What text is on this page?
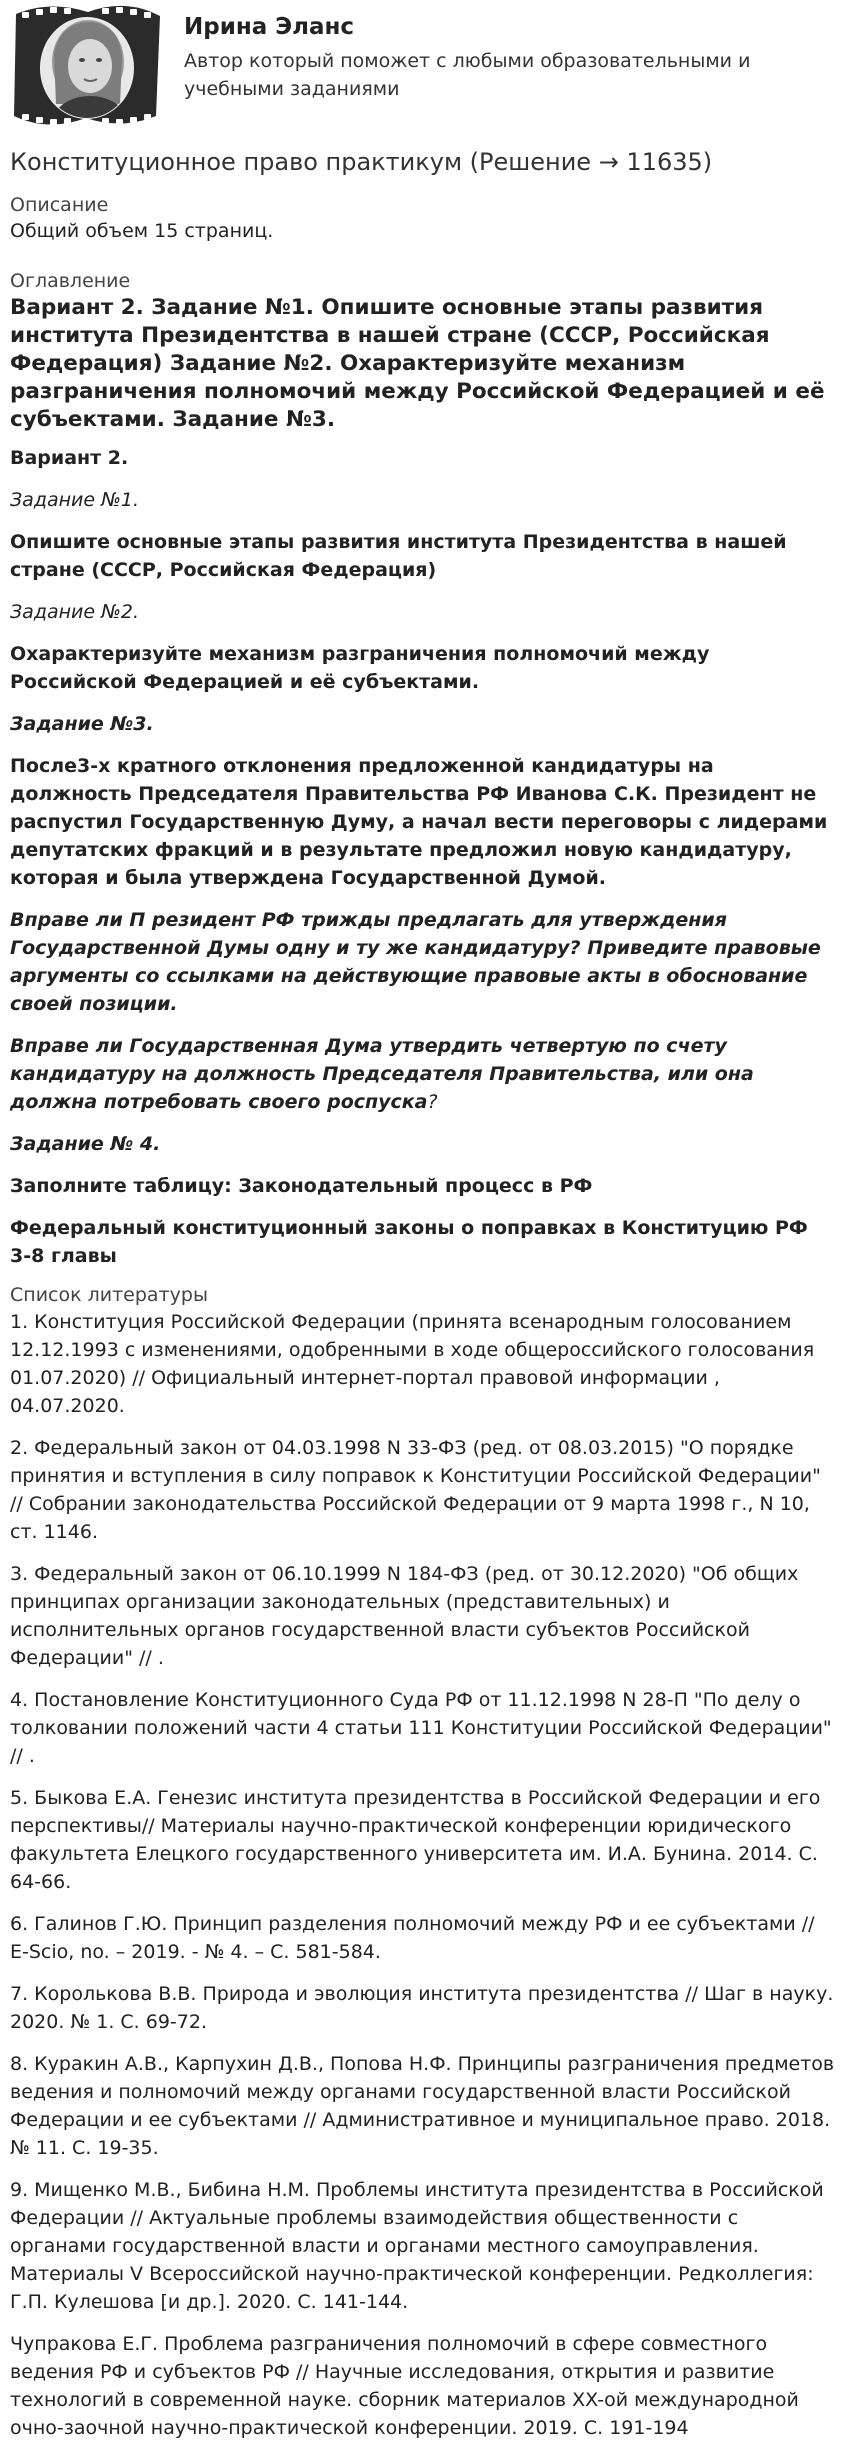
Ирина Эланс
Автор который поможет с любыми образовательными и учебными заданиями
Конституционное право практикум (Решение → 11635)

Описание

Общий объем 15 страниц.

Оглавление

Вариант 2. Задание №1. Опишите основные этапы развития института Президентства в нашей стране (СССР, Российская Федерация) Задание №2. Охарактеризуйте механизм разграничения полномочий между Российской Федерацией и её субъектами. Задание №3.

Вариант 2.

Задание №1.

Опишите основные этапы развития института Президентства в нашей стране (СССР, Российская Федерация)

Задание №2.

Охарактеризуйте механизм разграничения полномочий между Российской Федерацией и её субъектами.

Задание №3.

После3-х кратного отклонения предложенной кандидатуры на должность Председателя Правительства РФ Иванова С.К. Президент не распустил Государственную Думу, а начал вести переговоры с лидерами депутатских фракций и в результате предложил новую кандидатуру, которая и была утверждена Государственной Думой.

Вправе ли П резидент РФ трижды предлагать для утверждения Государственной Думы одну и ту же кандидатуру? Приведите правовые аргументы со ссылками на действующие правовые акты в обоснование своей позиции.

Вправе ли Государственная Дума утвердить четвертую по счету кандидатуру на должность Председателя Правительства, или она должна потребовать своего роспуска?

Задание № 4.

Заполните таблицу: Законодательный процесс в РФ

Федеральный конституционный законы о поправках в Конституцию РФ 3-8 главы

Список литературы

1. Конституция Российской Федерации (принята всенародным голосованием 12.12.1993 с изменениями, одобренными в ходе общероссийского голосования 01.07.2020) // Официальный интернет-портал правовой информации , 04.07.2020.

2. Федеральный закон от 04.03.1998 N 33-ФЗ (ред. от 08.03.2015) "О порядке принятия и вступления в силу поправок к Конституции Российской Федерации" // Собрании законодательства Российской Федерации от 9 марта 1998 г., N 10, ст. 1146.

3. Федеральный закон от 06.10.1999 N 184-ФЗ (ред. от 30.12.2020) "Об общих принципах организации законодательных (представительных) и исполнительных органов государственной власти субъектов Российской Федерации" // .

4. Постановление Конституционного Суда РФ от 11.12.1998 N 28-П "По делу о толковании положений части 4 статьи 111 Конституции Российской Федерации" // .

5. Быкова Е.А. Генезис института президентства в Российской Федерации и его перспективы// Материалы научно-практической конференции юридического факультета Елецкого государственного университета им. И.А. Бунина. 2014. С. 64-66.

6. Галинов Г.Ю. Принцип разделения полномочий между РФ и ее субъектами // E-Scio, no. – 2019. - № 4. – С. 581-584.

7. Королькова В.В. Природа и эволюция института президентства // Шаг в науку. 2020. № 1. С. 69-72.

8. Куракин А.В., Карпухин Д.В., Попова Н.Ф. Принципы разграничения предметов ведения и полномочий между органами государственной власти Российской Федерации и ее субъектами // Административное и муниципальное право. 2018. № 11. С. 19-35.

9. Мищенко М.В., Бибина Н.М. Проблемы института президентства в Российской Федерации // Актуальные проблемы взаимодействия общественности с органами государственной власти и органами местного самоуправления. Материалы V Всероссийской научно-практической конференции. Редколлегия: Г.П. Кулешова [и др.]. 2020. С. 141-144.

Чупракова Е.Г. Проблема разграничения полномочий в сфере совместного ведения РФ и субъектов РФ // Научные исследования, открытия и развитие технологий в современной науке. сборник материалов XX-ой международной очно-заочной научно-практической конференции. 2019. С. 191-194
